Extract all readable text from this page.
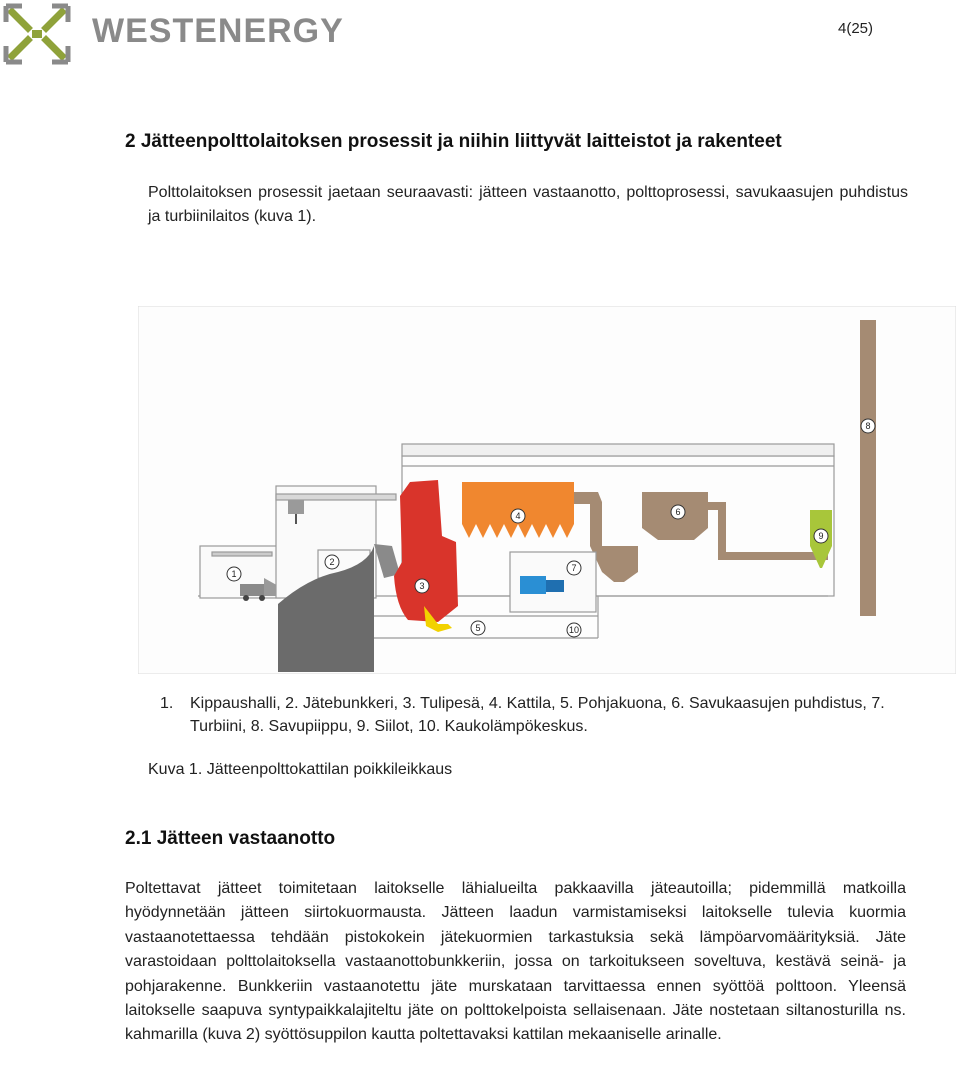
WESTENERGY	4(25)
2 Jätteenpolttolaitoksen prosessit ja niihin liittyvät laitteistot ja rakenteet

Polttolaitoksen prosessit jaetaan seuraavasti: jätteen vastaanotto, polttoprosessi, savukaasujen puhdistus ja turbiinilaitos (kuva 1).

1
2
3
4
5
6
7
8
9
10
1.	Kippaushalli, 2. Jätebunkkeri, 3. Tulipesä, 4. Kattila, 5. Pohjakuona, 6. Savukaasujen puhdistus, 7. Turbiini, 8. Savupiippu, 9. Siilot, 10. Kaukolämpökeskus.
Kuva 1. Jätteenpolttokattilan poikkileikkaus
2.1 Jätteen vastaanotto

Poltettavat jätteet toimitetaan laitokselle lähialueilta pakkaavilla jäteautoilla; pidemmillä matkoilla hyödynnetään jätteen siirtokuormausta. Jätteen laadun varmistamiseksi laitokselle tulevia kuormia vastaanotettaessa tehdään pistokokein jätekuormien tarkastuksia sekä lämpöarvomäärityksiä. Jäte varastoidaan polttolaitoksella vastaanottobunkkeriin, jossa on tarkoitukseen soveltuva, kestävä seinä- ja pohjarakenne. Bunkkeriin vastaanotettu jäte murskataan tarvittaessa ennen syöttöä polttoon. Yleensä laitokselle saapuva syntypaikkalajiteltu jäte on polttokelpoista sellaisenaan. Jäte nostetaan siltanosturilla ns. kahmarilla (kuva 2) syöttösuppilon kautta poltettavaksi kattilan mekaaniselle arinalle.
